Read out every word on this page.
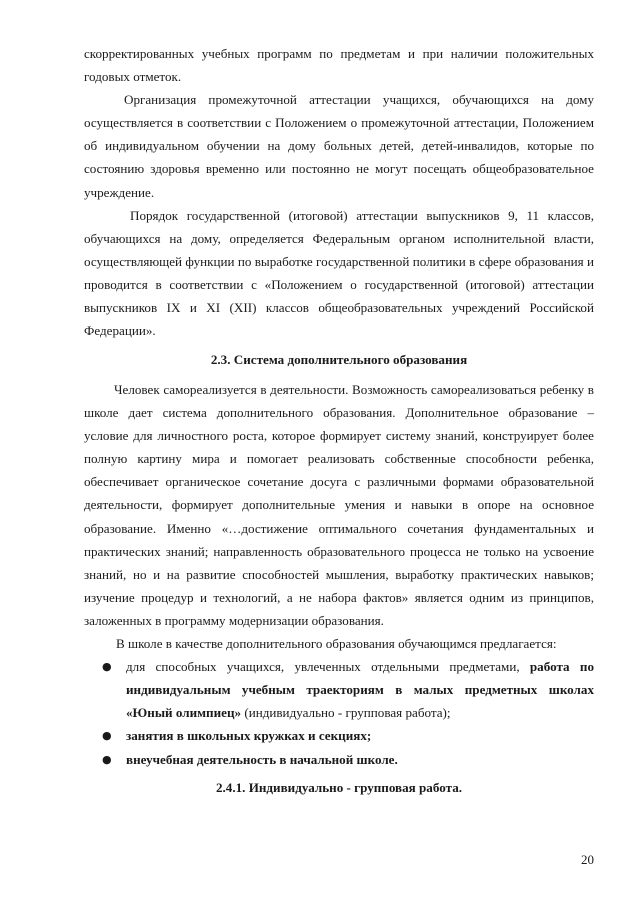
скорректированных учебных программ по предметам и при наличии положительных годовых отметок.

Организация промежуточной аттестации учащихся, обучающихся на дому осуществляется в соответствии с Положением о промежуточной аттестации, Положением об индивидуальном обучении на дому больных детей, детей-инвалидов, которые по состоянию здоровья временно или постоянно не могут посещать общеобразовательное учреждение.

Порядок государственной (итоговой) аттестации выпускников 9, 11 классов, обучающихся на дому, определяется Федеральным органом исполнительной власти, осуществляющей функции по выработке государственной политики в сфере образования и проводится в соответствии с «Положением о государственной (итоговой) аттестации выпускников IX и XI (XII) классов общеобразовательных учреждений Российской Федерации».

2.3. Система дополнительного образования

Человек самореализуется в деятельности. Возможность самореализоваться ребенку в школе дает система дополнительного образования. Дополнительное образование – условие для личностного роста, которое формирует систему знаний, конструирует более полную картину мира и помогает реализовать собственные способности ребенка, обеспечивает органическое сочетание досуга с различными формами образовательной деятельности, формирует дополнительные умения и навыки в опоре на основное образование. Именно «…достижение оптимального сочетания фундаментальных и практических знаний; направленность образовательного процесса не только на усвоение знаний, но и на развитие способностей мышления, выработку практических навыков; изучение процедур и технологий, а не набора фактов» является одним из принципов, заложенных в программу модернизации образования.

В школе в качестве дополнительного образования обучающимся предлагается:

● для способных учащихся, увлеченных отдельными предметами, работа по индивидуальным учебным траекториям в малых предметных школах «Юный олимпиец» (индивидуально - групповая работа);
● занятия в школьных кружках и секциях;
● внеучебная деятельность в начальной школе.

2.4.1. Индивидуально - групповая работа.

20
